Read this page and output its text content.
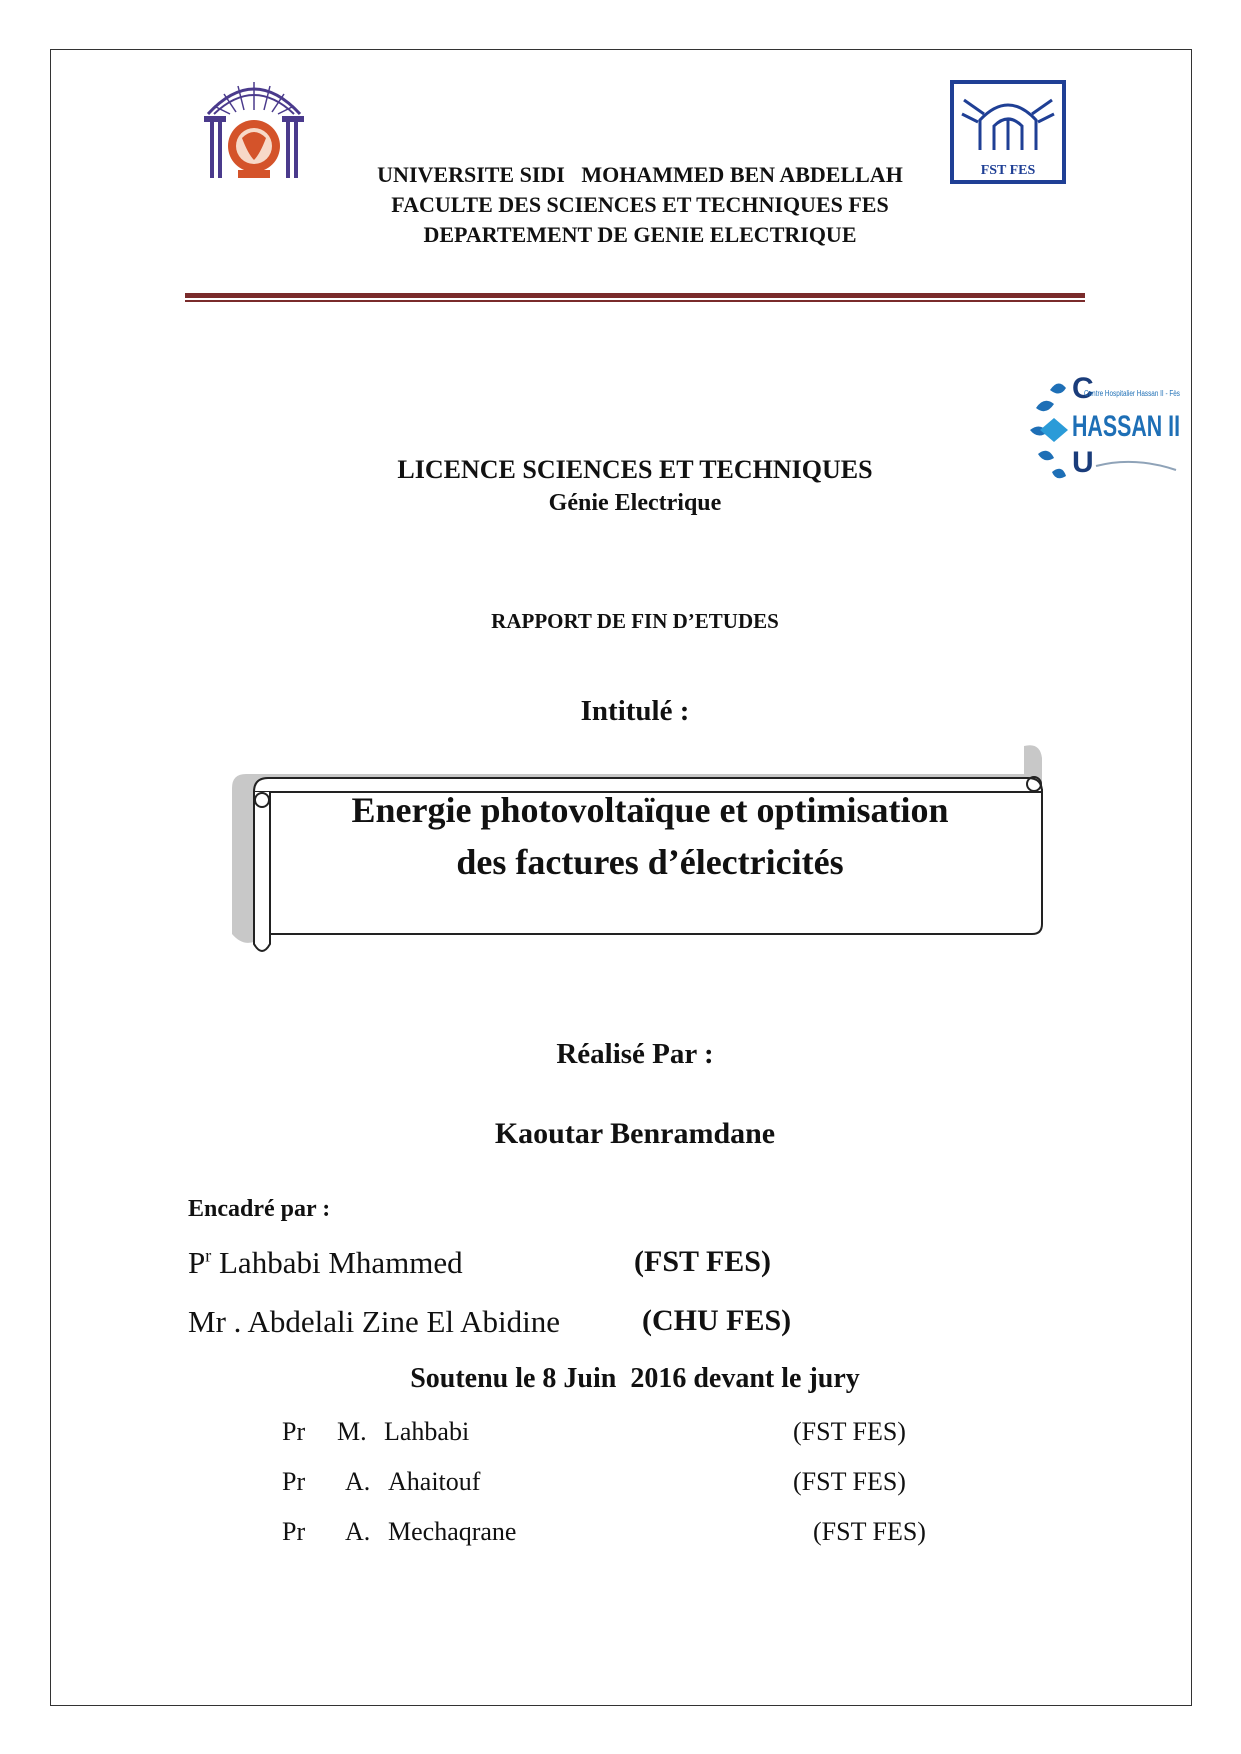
FST FES
UNIVERSITE SIDI   MOHAMMED BEN ABDELLAH
FACULTE DES SCIENCES ET TECHNIQUES FES
DEPARTEMENT DE GENIE ELECTRIQUE
C
Centre Hospitalier Hassan II - Fès
HASSAN II
U
LICENCE SCIENCES ET TECHNIQUES
Génie Electrique
RAPPORT DE FIN D’ETUDES
Intitulé :
Energie photovoltaïque et optimisation
des factures d’électricités
Réalisé Par :
Kaoutar Benramdane
Encadré par :
$P^r$ Lahbabi Mhammed	(FST FES)
Mr . Abdelali Zine El Abidine	(CHU FES)
Soutenu le 8 Juin  2016 devant le jury
Pr M. Lahbabi	(FST FES)
Pr A. Ahaitouf	(FST FES)
Pr A. Mechaqrane	(FST FES)
